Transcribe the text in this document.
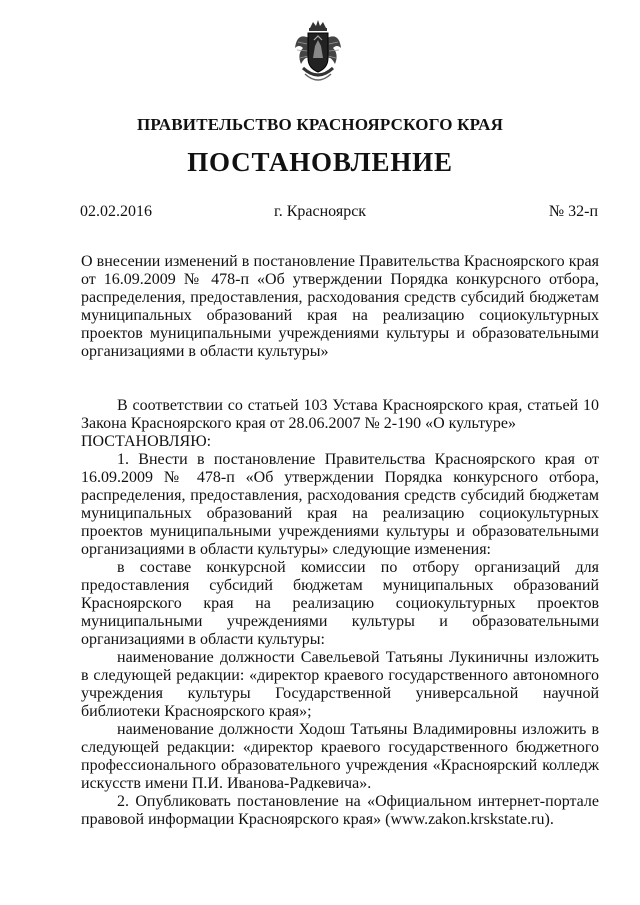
ПРАВИТЕЛЬСТВО КРАСНОЯРСКОГО КРАЯ
ПОСТАНОВЛЕНИЕ
г. Красноярск
02.02.2016	№ 32-п

О внесении изменений в постановление Правительства Красноярского края от 16.09.2009 № 478-п «Об утверждении Порядка конкурсного отбора, распределения, предоставления, расходования средств субсидий бюджетам муниципальных образований края на реализацию социокультурных проектов муниципальными учреждениями культуры и образовательными организациями в области культуры»

В соответствии со статьей 103 Устава Красноярского края, статьей 10 Закона Красноярского края от 28.06.2007 № 2-190 «О культуре»

ПОСТАНОВЛЯЮ:

1. Внести в постановление Правительства Красноярского края от 16.09.2009 № 478-п «Об утверждении Порядка конкурсного отбора, распределения, предоставления, расходования средств субсидий бюджетам муниципальных образований края на реализацию социокультурных проектов муниципальными учреждениями культуры и образовательными организациями в области культуры» следующие изменения:

в составе конкурсной комиссии по отбору организаций для предоставления субсидий бюджетам муниципальных образований Красноярского края на реализацию социокультурных проектов муниципальными учреждениями культуры и образовательными организациями в области культуры:

наименование должности Савельевой Татьяны Лукиничны изложить в следующей редакции: «директор краевого государственного автономного учреждения культуры Государственной универсальной научной библиотеки Красноярского края»;

наименование должности Ходош Татьяны Владимировны изложить в следующей редакции: «директор краевого государственного бюджетного профессионального образовательного учреждения «Красноярский колледж искусств имени П.И. Иванова-Радкевича».

2. Опубликовать постановление на «Официальном интернет-портале правовой информации Красноярского края» (www.zakon.krskstate.ru).
